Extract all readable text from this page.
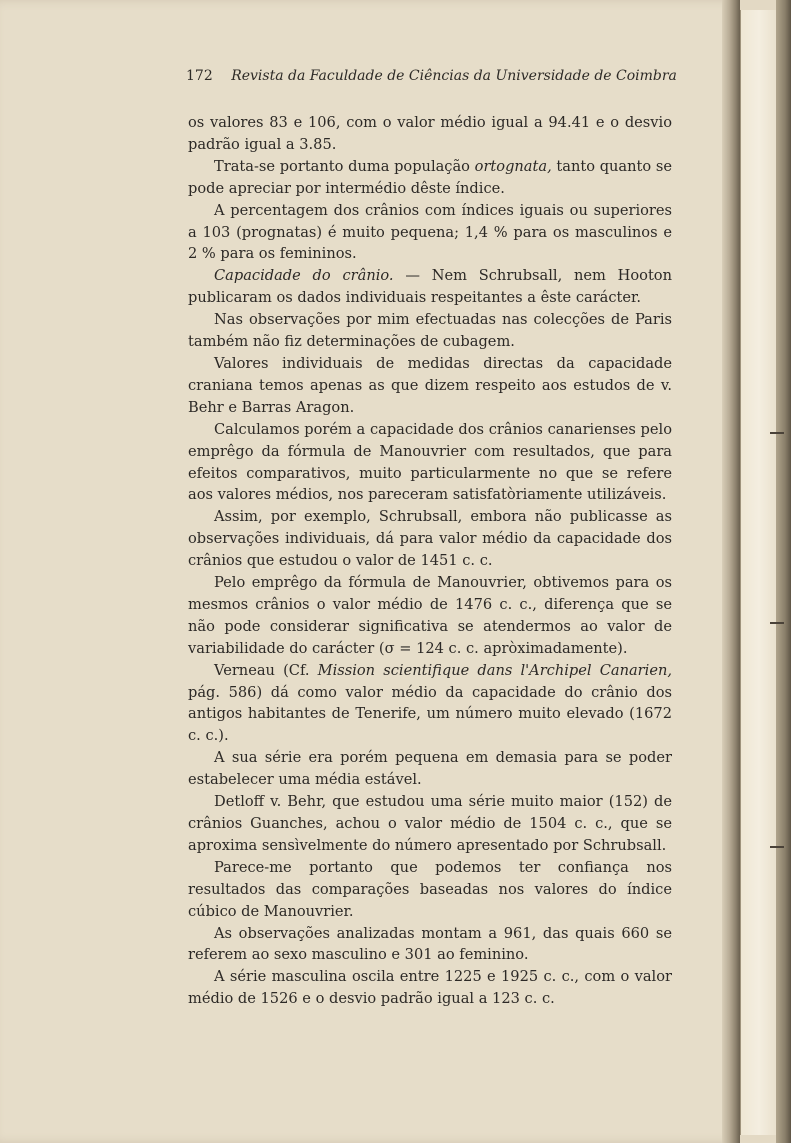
172 Revista da Faculdade de Ciências da Universidade de Coimbra

os valores 83 e 106, com o valor médio igual a 94.41 e o desvio padrão igual a 3.85.

Trata-se portanto duma população ortognata, tanto quanto se pode apreciar por intermédio dêste índice.

A percentagem dos crânios com índices iguais ou superiores a 103 (prognatas) é muito pequena; 1,4 % para os masculinos e 2 % para os femininos.

Capacidade do crânio. — Nem Schrubsall, nem Hooton publicaram os dados individuais respeitantes a êste carácter.

Nas observações por mim efectuadas nas colecções de Paris também não fiz determinações de cubagem.

Valores individuais de medidas directas da capacidade craniana temos apenas as que dizem respeito aos estudos de v. Behr e Barras Aragon.

Calculamos porém a capacidade dos crânios canarienses pelo emprêgo da fórmula de Manouvrier com resultados, que para efeitos comparativos, muito particularmente no que se refere aos valores médios, nos pareceram satisfatòriamente utilizáveis.

Assim, por exemplo, Schrubsall, embora não publicasse as observações individuais, dá para valor médio da capacidade dos crânios que estudou o valor de 1451 c. c.

Pelo emprêgo da fórmula de Manouvrier, obtivemos para os mesmos crânios o valor médio de 1476 c. c., diferença que se não pode considerar significativa se atendermos ao valor de variabilidade do carácter (σ = 124 c. c. apròximadamente).

Verneau (Cf. Mission scientifique dans l'Archipel Canarien, pág. 586) dá como valor médio da capacidade do crânio dos antigos habitantes de Tenerife, um número muito elevado (1672 c. c.).

A sua série era porém pequena em demasia para se poder estabelecer uma média estável.

Detloff v. Behr, que estudou uma série muito maior (152) de crânios Guanches, achou o valor médio de 1504 c. c., que se aproxima sensìvelmente do número apresentado por Schrubsall.

Parece-me portanto que podemos ter confiança nos resultados das comparações baseadas nos valores do índice cúbico de Manouvrier.

As observações analizadas montam a 961, das quais 660 se referem ao sexo masculino e 301 ao feminino.

A série masculina oscila entre 1225 e 1925 c. c., com o valor médio de 1526 e o desvio padrão igual a 123 c. c.
